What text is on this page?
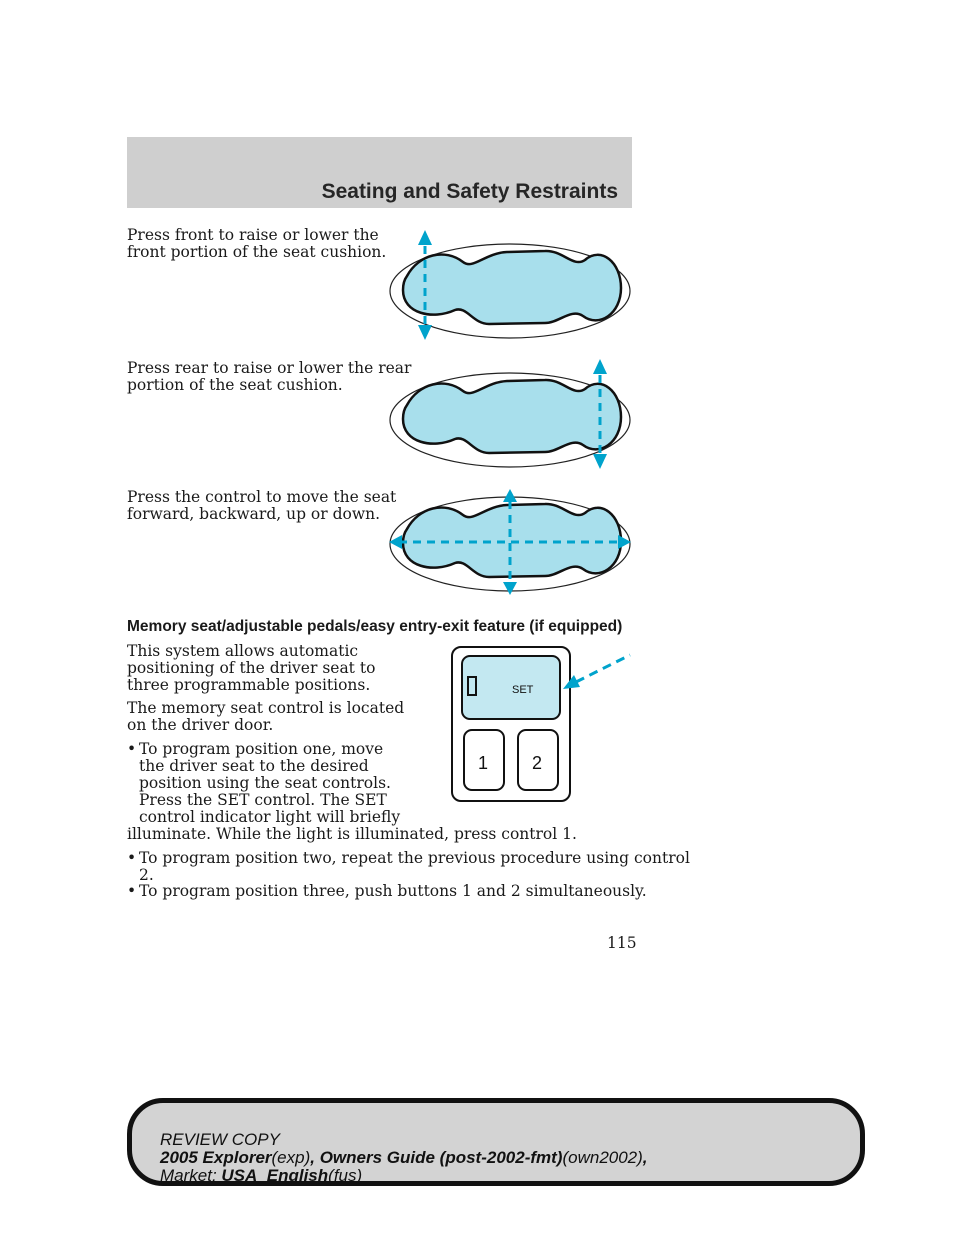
Seating and Safety Restraints
Press front to raise or lower the
front portion of the seat cushion.
Press rear to raise or lower the rear
portion of the seat cushion.
Press the control to move the seat
forward, backward, up or down.
Memory seat/adjustable pedals/easy entry-exit feature (if equipped)
This system allows automatic
positioning of the driver seat to
three programmable positions.
The memory seat control is located
on the driver door.
• To program position one, move
the driver seat to the desired
position using the seat controls.
Press the SET control. The SET
control indicator light will briefly
illuminate. While the light is illuminated, press control 1.
• To program position two, repeat the previous procedure using control
2.
• To program position three, push buttons 1 and 2 simultaneously.
SET
1 2
115
REVIEW COPY
2005 Explorer(exp), Owners Guide (post-2002-fmt)(own2002),
Market: USA_English(fus)
